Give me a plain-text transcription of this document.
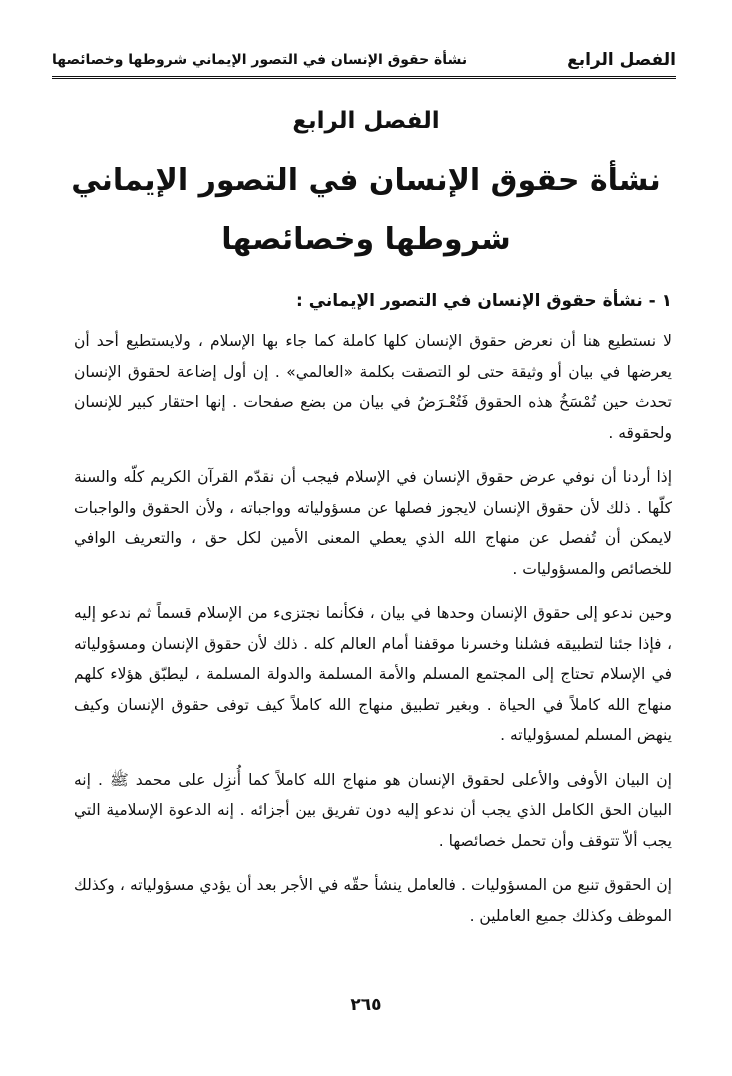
الفصل الرابع
نشأة حقوق الإنسان في التصور الإيماني شروطها وخصائصها
الفصل الرابع
نشأة حقوق الإنسان في التصور الإيماني
شروطها وخصائصها
١ - نشأة حقوق الإنسان في التصور الإيماني :

لا نستطيع هنا أن نعرض حقوق الإنسان كلها كاملة كما جاء بها الإسلام ، ولايستطيع أحد أن يعرضها في بيان أو وثيقة حتى لو التصقت بكلمة «العالمي» . إن أول إضاعة لحقوق الإنسان تحدث حين تُمْسَخُ هذه الحقوق فَتُعْـرَضُ في بيان من بضع صفحات . إنها احتقار كبير للإنسان ولحقوقه .

إذا أردنا أن نوفي عرض حقوق الإنسان في الإسلام فيجب أن نقدّم القرآن الكريم كلّه والسنة كلّها . ذلك لأن حقوق الإنسان لايجوز فصلها عن مسؤولياته وواجباته ، ولأن الحقوق والواجبات لايمكن أن تُفصل عن منهاج الله الذي يعطي المعنى الأمين لكل حق ، والتعريف الوافي للخصائص والمسؤوليات .

وحين ندعو إلى حقوق الإنسان وحدها في بيان ، فكأنما نجتزىء من الإسلام قسماً ثم ندعو إليه ، فإذا جئنا لتطبيقه فشلنا وخسرنا موقفنا أمام العالم كله . ذلك لأن حقوق الإنسان ومسؤولياته في الإسلام تحتاج إلى المجتمع المسلم والأمة المسلمة والدولة المسلمة ، ليطبّق هؤلاء كلهم منهاج الله كاملاً في الحياة . وبغير تطبيق منهاج الله كاملاً كيف توفى حقوق الإنسان وكيف ينهض المسلم لمسؤولياته .

إن البيان الأوفى والأعلى لحقوق الإنسان هو منهاج الله كاملاً كما أُنزِل على محمد ﷺ . إنه البيان الحق الكامل الذي يجب أن ندعو إليه دون تفريق بين أجزائه . إنه الدعوة الإسلامية التي يجب ألاّ تتوقف وأن تحمل خصائصها .

إن الحقوق تنبع من المسؤوليات . فالعامل ينشأ حقّه في الأجر بعد أن يؤدي مسؤولياته ، وكذلك الموظف وكذلك جميع العاملين .

٢٦٥
